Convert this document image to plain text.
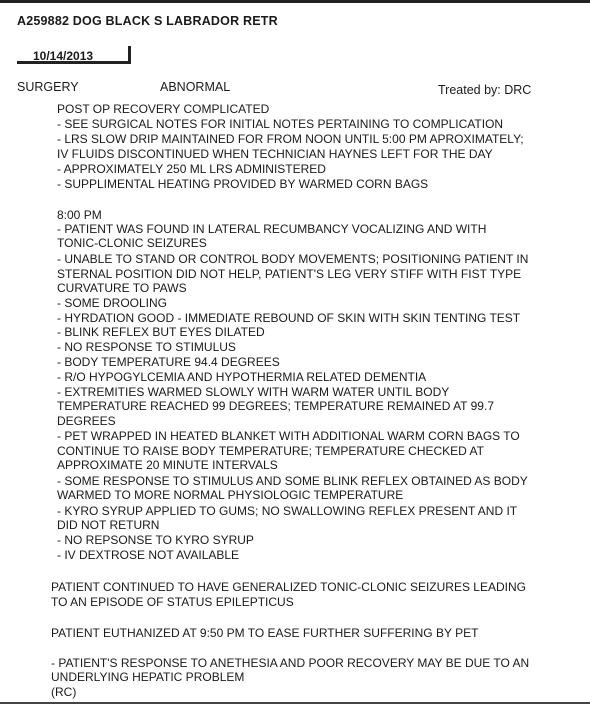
A259882 DOG BLACK S LABRADOR RETR
10/14/2013
SURGERY	ABNORMAL	Treated by: DRC
POST OP RECOVERY COMPLICATED
- SEE SURGICAL NOTES FOR INITIAL NOTES PERTAINING TO COMPLICATION
- LRS SLOW DRIP MAINTAINED FOR FROM NOON UNTIL 5:00 PM APROXIMATELY;
IV FLUIDS DISCONTINUED WHEN TECHNICIAN HAYNES LEFT FOR THE DAY
- APPROXIMATELY 250 ML LRS ADMINISTERED
- SUPPLIMENTAL HEATING PROVIDED BY WARMED CORN BAGS
8:00 PM
- PATIENT WAS FOUND IN LATERAL RECUMBANCY VOCALIZING AND WITH
TONIC-CLONIC SEIZURES
- UNABLE TO STAND OR CONTROL BODY MOVEMENTS; POSITIONING PATIENT IN
STERNAL POSITION DID NOT HELP, PATIENT'S LEG VERY STIFF WITH FIST TYPE
CURVATURE TO PAWS
- SOME DROOLING
- HYRDATION GOOD - IMMEDIATE REBOUND OF SKIN WITH SKIN TENTING TEST
- BLINK REFLEX BUT EYES DILATED
- NO RESPONSE TO STIMULUS
- BODY TEMPERATURE 94.4 DEGREES
- R/O HYPOGYLCEMIA AND HYPOTHERMIA RELATED DEMENTIA
- EXTREMITIES WARMED SLOWLY WITH WARM WATER UNTIL BODY
TEMPERATURE REACHED 99 DEGREES; TEMPERATURE REMAINED AT 99.7
DEGREES
- PET WRAPPED IN HEATED BLANKET WITH ADDITIONAL WARM CORN BAGS TO
CONTINUE TO RAISE BODY TEMPERATURE; TEMPERATURE CHECKED AT
APPROXIMATE 20 MINUTE INTERVALS
- SOME RESPONSE TO STIMULUS AND SOME BLINK REFLEX OBTAINED AS BODY
WARMED TO MORE NORMAL PHYSIOLOGIC TEMPERATURE
- KYRO SYRUP APPLIED TO GUMS; NO SWALLOWING REFLEX PRESENT AND IT
DID NOT RETURN
- NO REPSONSE TO KYRO SYRUP
- IV DEXTROSE NOT AVAILABLE
PATIENT CONTINUED TO HAVE GENERALIZED TONIC-CLONIC SEIZURES LEADING
TO AN EPISODE OF STATUS EPILEPTICUS
PATIENT EUTHANIZED AT 9:50 PM TO EASE FURTHER SUFFERING BY PET
- PATIENT'S RESPONSE TO ANETHESIA AND POOR RECOVERY MAY BE DUE TO AN
UNDERLYING HEPATIC PROBLEM
(RC)
